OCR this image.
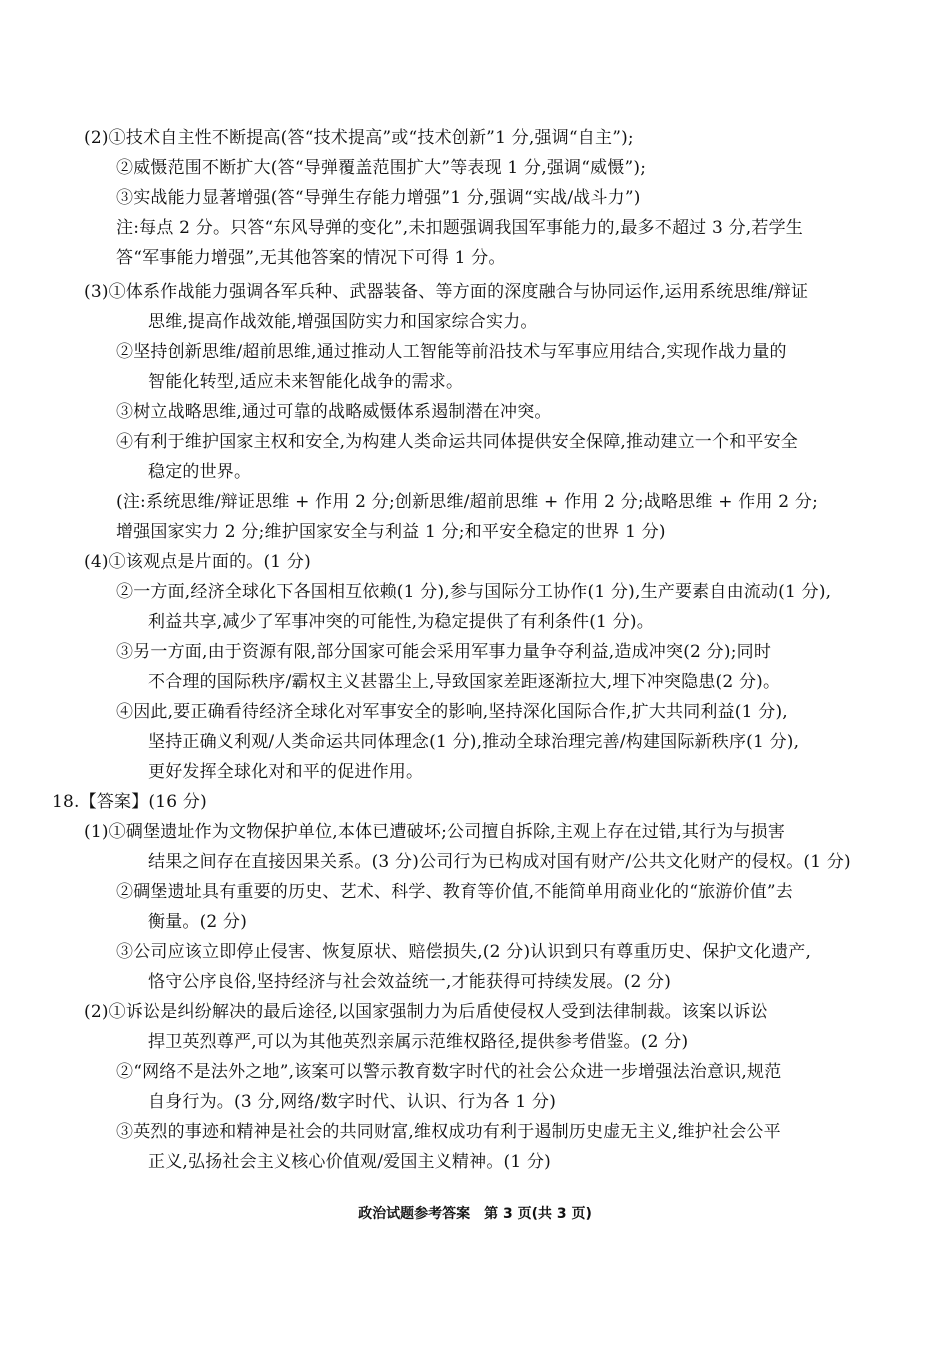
(2)①技术自主性不断提高(答“技术提高”或“技术创新”1 分,强调“自主”);
②威慑范围不断扩大(答“导弹覆盖范围扩大”等表现 1 分,强调“威慑”);
③实战能力显著增强(答“导弹生存能力增强”1 分,强调“实战/战斗力”)
注:每点 2 分。只答“东风导弹的变化”,未扣题强调我国军事能力的,最多不超过 3 分,若学生
答“军事能力增强”,无其他答案的情况下可得 1 分。
(3)①体系作战能力强调各军兵种、武器装备、等方面的深度融合与协同运作,运用系统思维/辩证
思维,提高作战效能,增强国防实力和国家综合实力。
②坚持创新思维/超前思维,通过推动人工智能等前沿技术与军事应用结合,实现作战力量的
智能化转型,适应未来智能化战争的需求。
③树立战略思维,通过可靠的战略威慑体系遏制潜在冲突。
④有利于维护国家主权和安全,为构建人类命运共同体提供安全保障,推动建立一个和平安全
稳定的世界。
(注:系统思维/辩证思维 + 作用 2 分;创新思维/超前思维 + 作用 2 分;战略思维 + 作用 2 分;
增强国家实力 2 分;维护国家安全与利益 1 分;和平安全稳定的世界 1 分)
(4)①该观点是片面的。(1 分)
②一方面,经济全球化下各国相互依赖(1 分),参与国际分工协作(1 分),生产要素自由流动(1 分),
利益共享,减少了军事冲突的可能性,为稳定提供了有利条件(1 分)。
③另一方面,由于资源有限,部分国家可能会采用军事力量争夺利益,造成冲突(2 分);同时
不合理的国际秩序/霸权主义甚嚣尘上,导致国家差距逐渐拉大,埋下冲突隐患(2 分)。
④因此,要正确看待经济全球化对军事安全的影响,坚持深化国际合作,扩大共同利益(1 分),
坚持正确义利观/人类命运共同体理念(1 分),推动全球治理完善/构建国际新秩序(1 分),
更好发挥全球化对和平的促进作用。
18.【答案】(16 分)
(1)①碉堡遗址作为文物保护单位,本体已遭破坏;公司擅自拆除,主观上存在过错,其行为与损害
结果之间存在直接因果关系。(3 分)公司行为已构成对国有财产/公共文化财产的侵权。(1 分)
②碉堡遗址具有重要的历史、艺术、科学、教育等价值,不能简单用商业化的“旅游价值”去
衡量。(2 分)
③公司应该立即停止侵害、恢复原状、赔偿损失,(2 分)认识到只有尊重历史、保护文化遗产,
恪守公序良俗,坚持经济与社会效益统一,才能获得可持续发展。(2 分)
(2)①诉讼是纠纷解决的最后途径,以国家强制力为后盾使侵权人受到法律制裁。该案以诉讼
捍卫英烈尊严,可以为其他英烈亲属示范维权路径,提供参考借鉴。(2 分)
②“网络不是法外之地”,该案可以警示教育数字时代的社会公众进一步增强法治意识,规范
自身行为。(3 分,网络/数字时代、认识、行为各 1 分)
③英烈的事迹和精神是社会的共同财富,维权成功有利于遏制历史虚无主义,维护社会公平
正义,弘扬社会主义核心价值观/爱国主义精神。(1 分)
政治试题参考答案　第 3 页(共 3 页)
